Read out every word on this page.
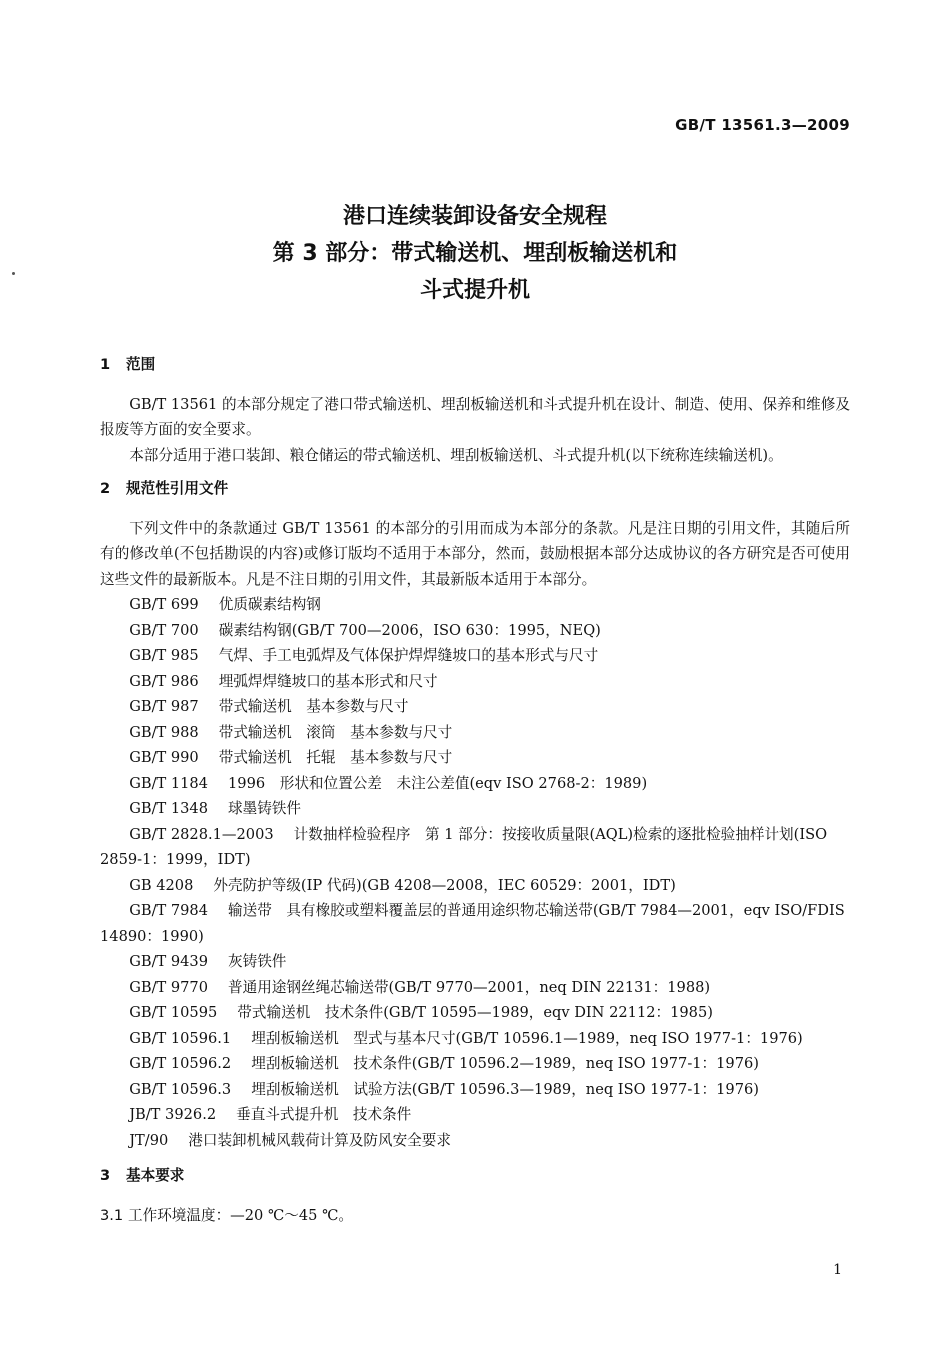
GB/T 13561.3—2009
港口连续装卸设备安全规程
第 3 部分：带式输送机、埋刮板输送机和
斗式提升机
1 范围
GB/T 13561 的本部分规定了港口带式输送机、埋刮板输送机和斗式提升机在设计、制造、使用、保养和维修及报废等方面的安全要求。
本部分适用于港口装卸、粮仓储运的带式输送机、埋刮板输送机、斗式提升机(以下统称连续输送机)。
2 规范性引用文件
下列文件中的条款通过 GB/T 13561 的本部分的引用而成为本部分的条款。凡是注日期的引用文件，其随后所有的修改单(不包括勘误的内容)或修订版均不适用于本部分，然而，鼓励根据本部分达成协议的各方研究是否可使用这些文件的最新版本。凡是不注日期的引用文件，其最新版本适用于本部分。
GB/T 699 优质碳素结构钢
GB/T 700 碳素结构钢(GB/T 700—2006，ISO 630：1995，NEQ)
GB/T 985 气焊、手工电弧焊及气体保护焊焊缝坡口的基本形式与尺寸
GB/T 986 埋弧焊焊缝坡口的基本形式和尺寸
GB/T 987 带式输送机　基本参数与尺寸
GB/T 988 带式输送机　滚筒　基本参数与尺寸
GB/T 990 带式输送机　托辊　基本参数与尺寸
GB/T 1184 1996　形状和位置公差　未注公差值(eqv ISO 2768-2：1989)
GB/T 1348 球墨铸铁件
GB/T 2828.1—2003 计数抽样检验程序　第 1 部分：按接收质量限(AQL)检索的逐批检验抽样计划(ISO 2859-1：1999，IDT)
GB 4208 外壳防护等级(IP 代码)(GB 4208—2008，IEC 60529：2001，IDT)
GB/T 7984 输送带　具有橡胶或塑料覆盖层的普通用途织物芯输送带(GB/T 7984—2001，eqv ISO/FDIS 14890：1990)
GB/T 9439 灰铸铁件
GB/T 9770 普通用途钢丝绳芯输送带(GB/T 9770—2001，neq DIN 22131：1988)
GB/T 10595 带式输送机　技术条件(GB/T 10595—1989，eqv DIN 22112：1985)
GB/T 10596.1 埋刮板输送机　型式与基本尺寸(GB/T 10596.1—1989，neq ISO 1977-1：1976)
GB/T 10596.2 埋刮板输送机　技术条件(GB/T 10596.2—1989，neq ISO 1977-1：1976)
GB/T 10596.3 埋刮板输送机　试验方法(GB/T 10596.3—1989，neq ISO 1977-1：1976)
JB/T 3926.2 垂直斗式提升机　技术条件
JT/90 港口装卸机械风载荷计算及防风安全要求
3 基本要求
3.1 工作环境温度：—20 ℃～45 ℃。
1
